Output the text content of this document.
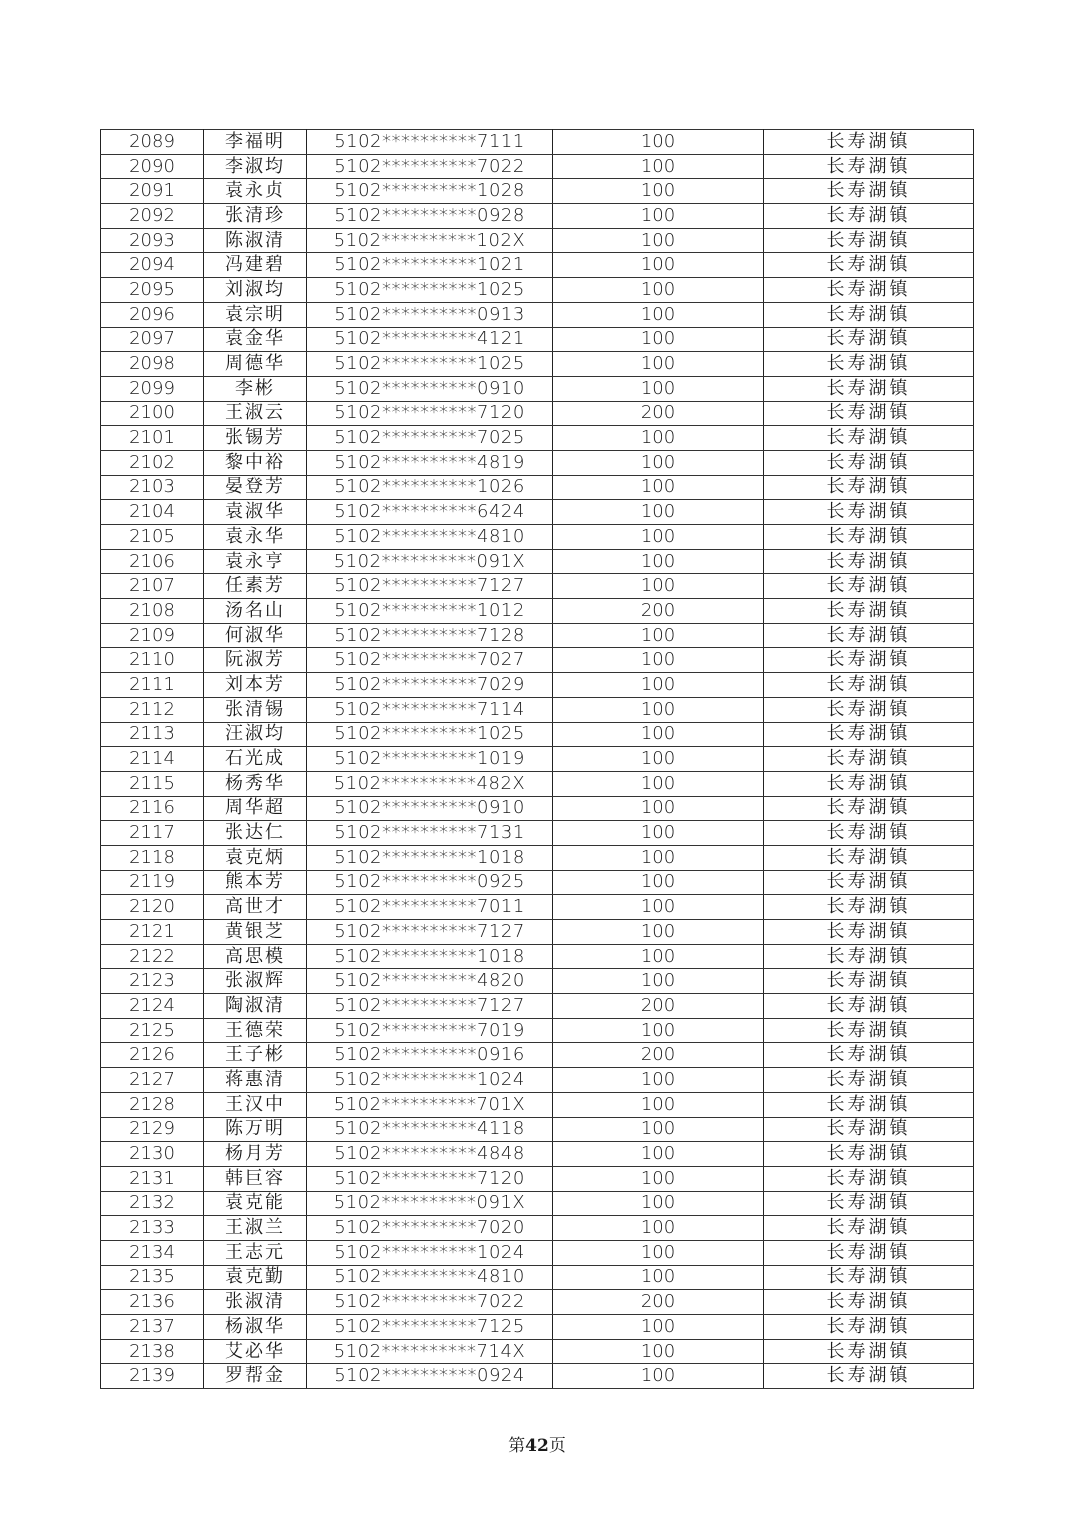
2089	李福明	5102**********7111	100	长寿湖镇
2090	李淑均	5102**********7022	100	长寿湖镇
2091	袁永贞	5102**********1028	100	长寿湖镇
2092	张清珍	5102**********0928	100	长寿湖镇
2093	陈淑清	5102**********102X	100	长寿湖镇
2094	冯建碧	5102**********1021	100	长寿湖镇
2095	刘淑均	5102**********1025	100	长寿湖镇
2096	袁宗明	5102**********0913	100	长寿湖镇
2097	袁金华	5102**********4121	100	长寿湖镇
2098	周德华	5102**********1025	100	长寿湖镇
2099	李彬	5102**********0910	100	长寿湖镇
2100	王淑云	5102**********7120	200	长寿湖镇
2101	张锡芳	5102**********7025	100	长寿湖镇
2102	黎中裕	5102**********4819	100	长寿湖镇
2103	晏登芳	5102**********1026	100	长寿湖镇
2104	袁淑华	5102**********6424	100	长寿湖镇
2105	袁永华	5102**********4810	100	长寿湖镇
2106	袁永亨	5102**********091X	100	长寿湖镇
2107	任素芳	5102**********7127	100	长寿湖镇
2108	汤名山	5102**********1012	200	长寿湖镇
2109	何淑华	5102**********7128	100	长寿湖镇
2110	阮淑芳	5102**********7027	100	长寿湖镇
2111	刘本芳	5102**********7029	100	长寿湖镇
2112	张清锡	5102**********7114	100	长寿湖镇
2113	汪淑均	5102**********1025	100	长寿湖镇
2114	石光成	5102**********1019	100	长寿湖镇
2115	杨秀华	5102**********482X	100	长寿湖镇
2116	周华超	5102**********0910	100	长寿湖镇
2117	张达仁	5102**********7131	100	长寿湖镇
2118	袁克炳	5102**********1018	100	长寿湖镇
2119	熊本芳	5102**********0925	100	长寿湖镇
2120	高世才	5102**********7011	100	长寿湖镇
2121	黄银芝	5102**********7127	100	长寿湖镇
2122	高思模	5102**********1018	100	长寿湖镇
2123	张淑辉	5102**********4820	100	长寿湖镇
2124	陶淑清	5102**********7127	200	长寿湖镇
2125	王德荣	5102**********7019	100	长寿湖镇
2126	王子彬	5102**********0916	200	长寿湖镇
2127	蒋惠清	5102**********1024	100	长寿湖镇
2128	王汉中	5102**********701X	100	长寿湖镇
2129	陈万明	5102**********4118	100	长寿湖镇
2130	杨月芳	5102**********4848	100	长寿湖镇
2131	韩巨容	5102**********7120	100	长寿湖镇
2132	袁克能	5102**********091X	100	长寿湖镇
2133	王淑兰	5102**********7020	100	长寿湖镇
2134	王志元	5102**********1024	100	长寿湖镇
2135	袁克勤	5102**********4810	100	长寿湖镇
2136	张淑清	5102**********7022	200	长寿湖镇
2137	杨淑华	5102**********7125	100	长寿湖镇
2138	艾必华	5102**********714X	100	长寿湖镇
2139	罗帮金	5102**********0924	100	长寿湖镇
第42页
